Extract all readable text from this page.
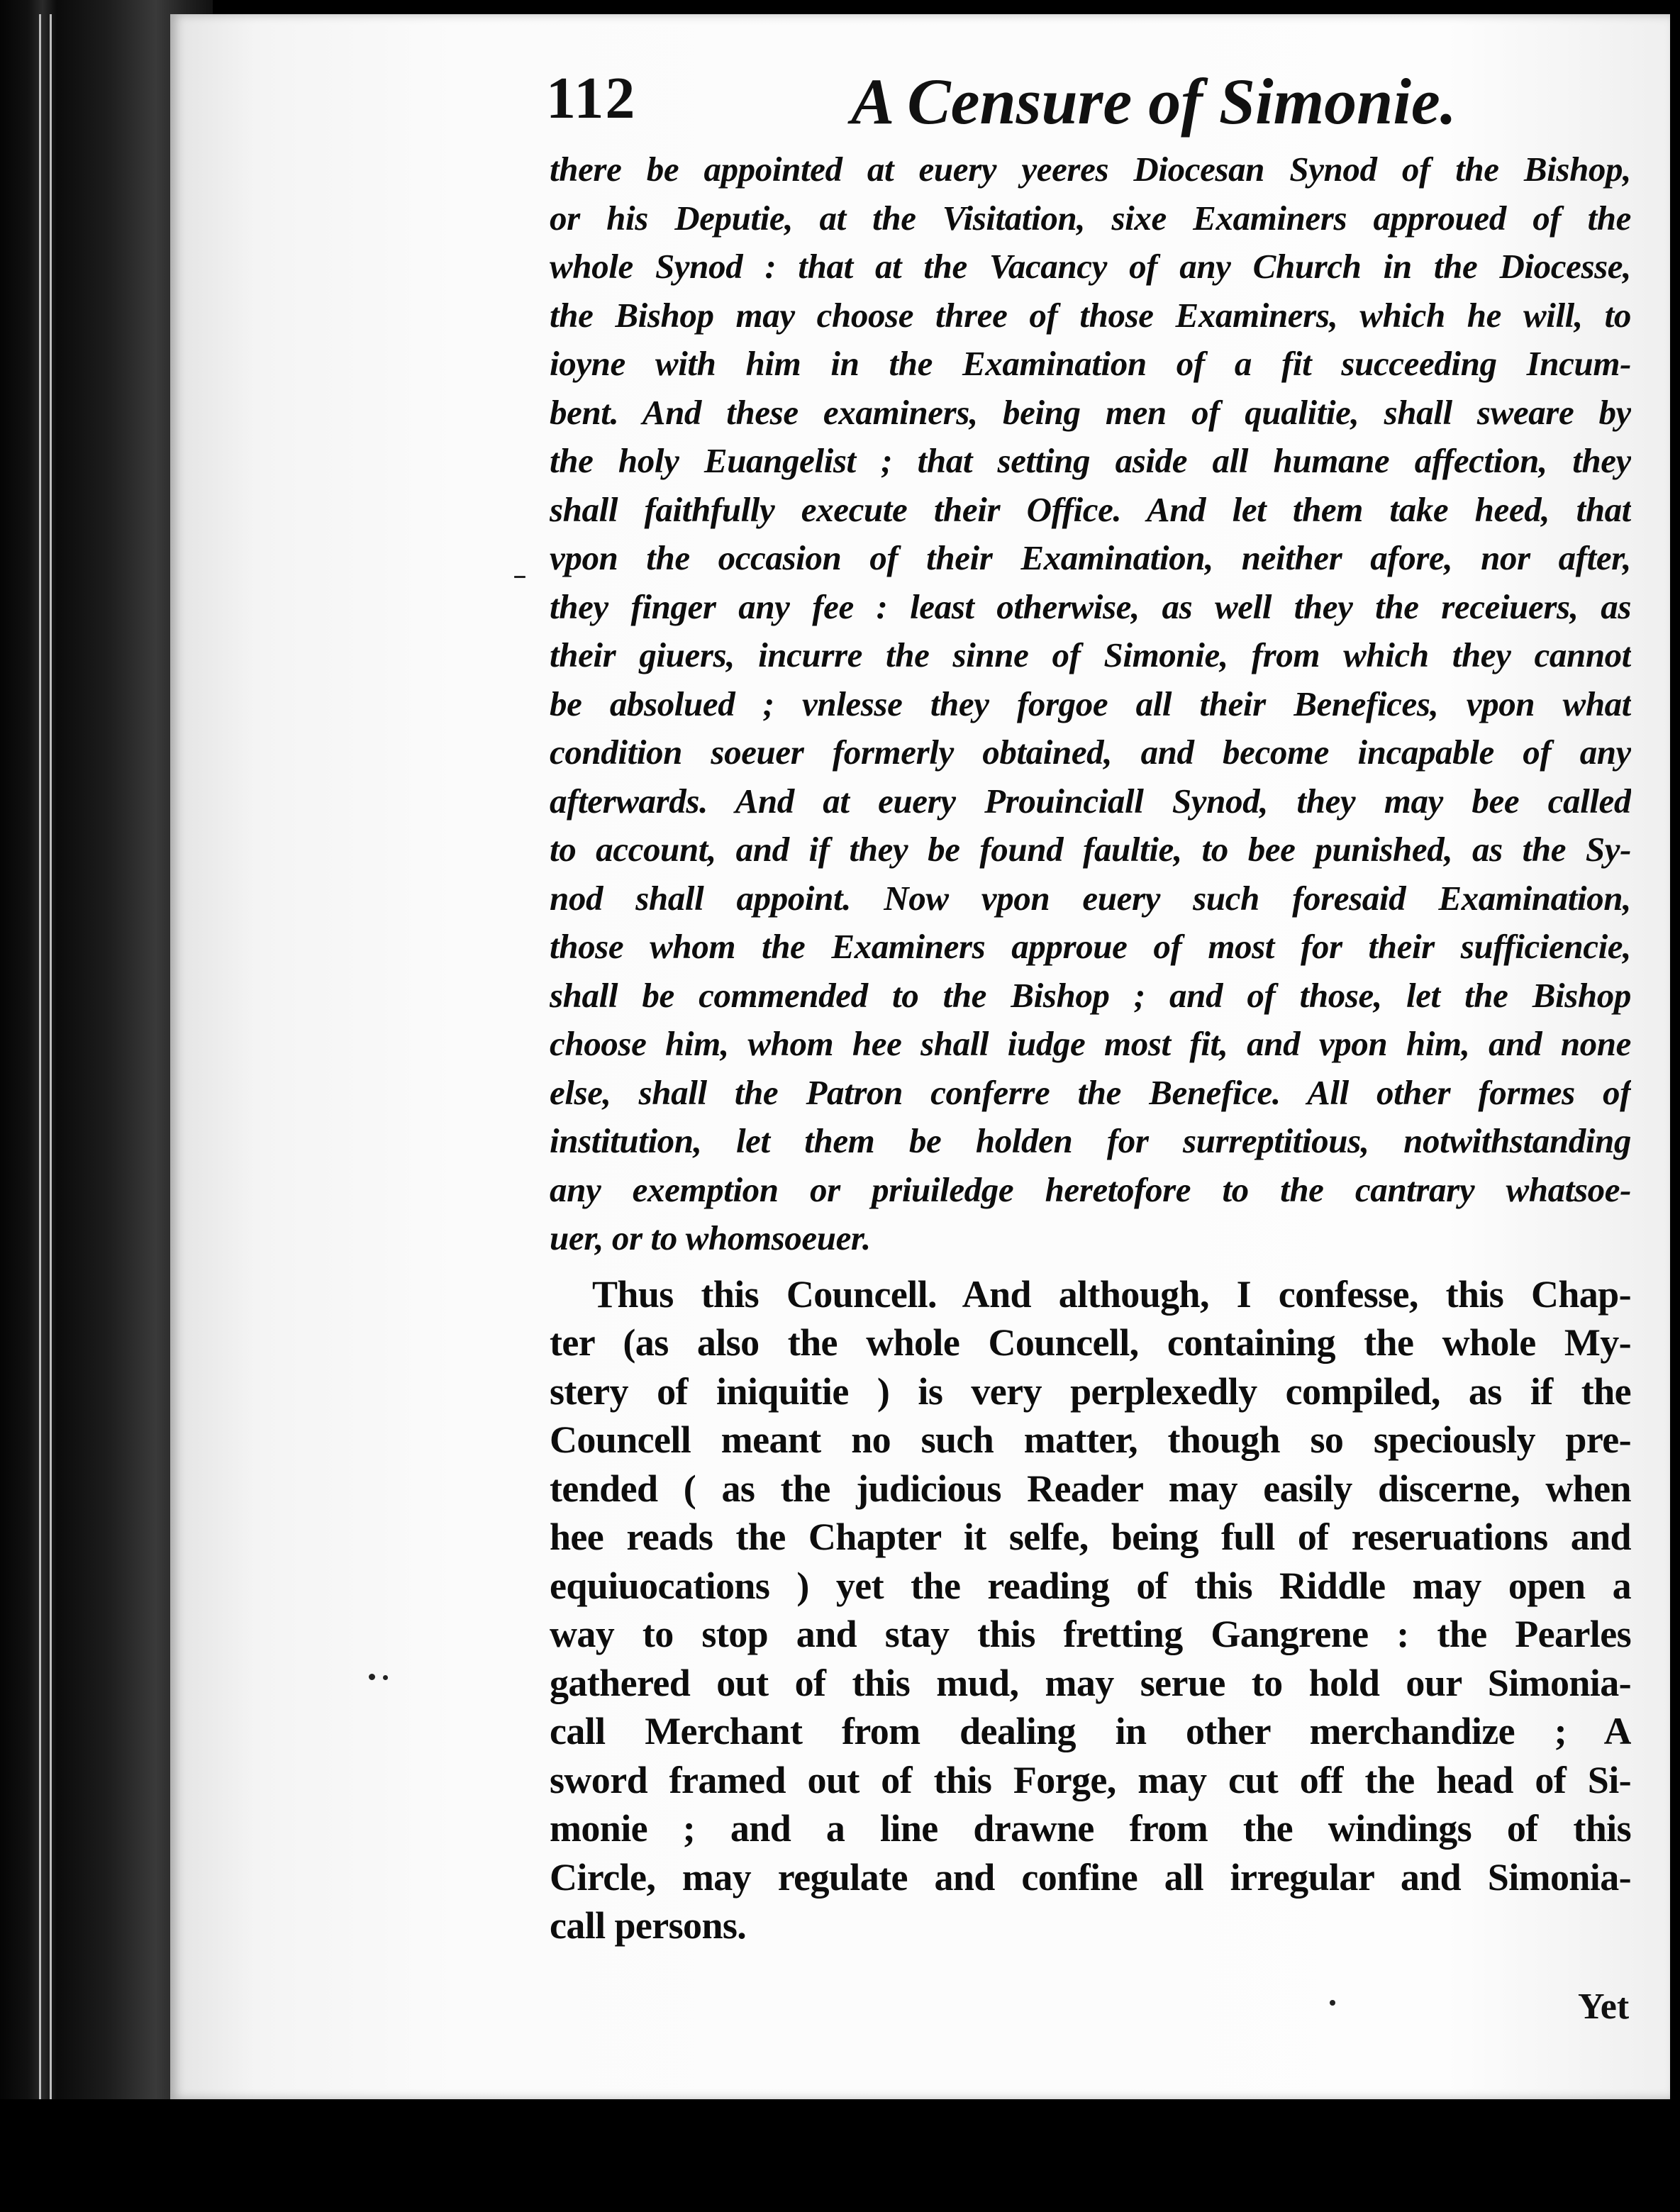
112	A Censure of Simonie.
there be appointed at euery yeeres Diocesan Synod of the Bishop,
or his Deputie, at the Visitation, sixe Examiners approued of the
whole Synod : that at the Vacancy of any Church in the Diocesse,
the Bishop may choose three of those Examiners, which he will, to
ioyne with him in the Examination of a fit succeeding Incum-
bent. And these examiners, being men of qualitie, shall sweare by
the holy Euangelist ; that setting aside all humane affection, they
shall faithfully execute their Office. And let them take heed, that
vpon the occasion of their Examination, neither afore, nor after,
they finger any fee : least otherwise, as well they the receiuers, as
their giuers, incurre the sinne of Simonie, from which they cannot
be absolued ; vnlesse they forgoe all their Benefices, vpon what
condition soeuer formerly obtained, and become incapable of any
afterwards. And at euery Prouinciall Synod, they may bee called
to account, and if they be found faultie, to bee punished, as the Sy-
nod shall appoint. Now vpon euery such foresaid Examination,
those whom the Examiners approue of most for their sufficiencie,
shall be commended to the Bishop ; and of those, let the Bishop
choose him, whom hee shall iudge most fit, and vpon him, and none
else, shall the Patron conferre the Benefice. All other formes of
institution, let them be holden for surreptitious, notwithstanding
any exemption or priuiledge heretofore to the cantrary whatsoe-
uer, or to whomsoeuer.
Thus this Councell. And although, I confesse, this Chap-
ter (as also the whole Councell, containing the whole My-
stery of iniquitie ) is very perplexedly compiled, as if the
Councell meant no such matter, though so speciously pre-
tended ( as the judicious Reader may easily discerne, when
hee reads the Chapter it selfe, being full of reseruations and
equiuocations ) yet the reading of this Riddle may open a
way to stop and stay this fretting Gangrene : the Pearles
gathered out of this mud, may serue to hold our Simonia-
call Merchant from dealing in other merchandize ; A
sword framed out of this Forge, may cut off the head of Si-
monie ; and a line drawne from the windings of this
Circle, may regulate and confine all irregular and Simonia-
call persons.
Yet
